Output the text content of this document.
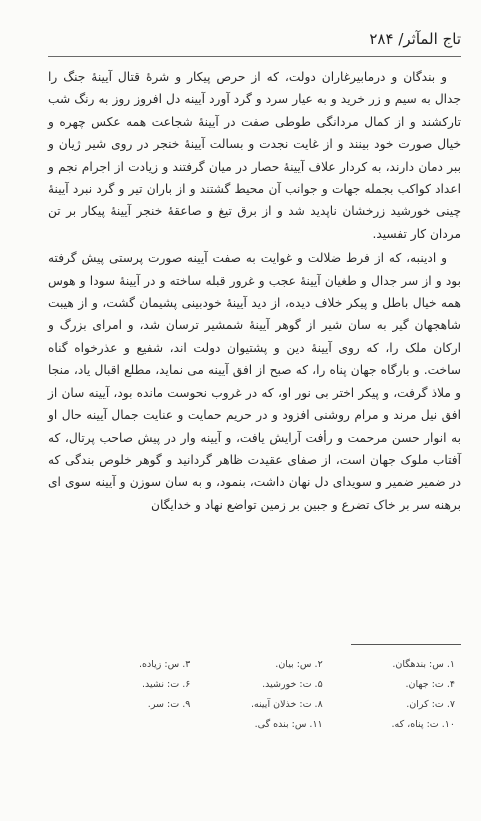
تاج المآثر/ ۲۸۴

و بندگان و درمابیرغاران دولت، که از حرص پیکار و شرهٔ قتال آیینهٔ جنگ را جدال به سیم و زر خرید و به عیار سرد و گرد آورد آیینه دل افروز روز به رنگ شب تارکشند و از کمال مردانگی طوطی صفت در آیینهٔ شجاعت همه عکس چهره و خیال صورت خود بینند و از غایت نجدت و بسالت آیینهٔ خنجر در روی شیر ژیان و ببر دمان دارند، به کردار علاف آیینهٔ حصار در میان گرفتند و زیادت از اجرام نجم و اعداد کواکب بجمله جهات و جوانب آن محیط گشتند و از باران تیر و گرد نبرد آیینهٔ چینی خورشید زرخشان ناپدید شد و از برق تیغ و صاعقهٔ خنجر آیینهٔ پیکار بر تن مردان کار تفسید.

و ادینبه، که از فرط ضلالت و غوایت به صفت آیینه صورت پرستی پیش گرفته بود و از سر جدال و طغیان آیینهٔ عجب و غرور قبله ساخته و در آیینهٔ سودا و هوس همه خیال باطل و پیکر خلاف دیده، از دید آیینهٔ خودبینی پشیمان گشت، و از هیبت شاهجهان گیر به سان شیر از گوهر آیینهٔ شمشیر ترسان شد، و امرای بزرگ و ارکان ملک را، که روی آیینهٔ دین و پشتیوان دولت اند، شفیع و عذرخواه گناه ساخت. و بارگاه جهان پناه را، که صبح از افق آیینه می نماید، مطلع اقبال یاد، منجا و ملاذ گرفت، و پیکر اختر بی نور او، که در غروب نحوست مانده بود، آیینه سان از افق نیل مرند و مرام روشنی افزود و در حریم حمایت و عنایت جمال آیینه حال او به انوار حسن مرحمت و رأفت آرایش یافت، و آیینه وار در پیش صاحب پرتال، که آفتاب ملوک جهان است، از صفای عقیدت ظاهر گردانید و گوهر خلوص بندگی که در ضمیر ضمیر و سویدای دل نهان داشت، بنمود، و به سان سوزن و آیینه سوی ای برهنه سر بر خاک تضرع و جبین بر زمین تواضع نهاد و خدایگان

۱. س: بندهگان.
۲. س: بیان.
۳. س: زیاده.
۴. ت: جهان.
۵. ت: خورشید.
۶. ت: نشید.
۷. ت: کران.
۸. ت: خذلان آیینه.
۹. ت: سر.
۱۰. ت: پناه، که.
۱۱. س: بنده گی.
